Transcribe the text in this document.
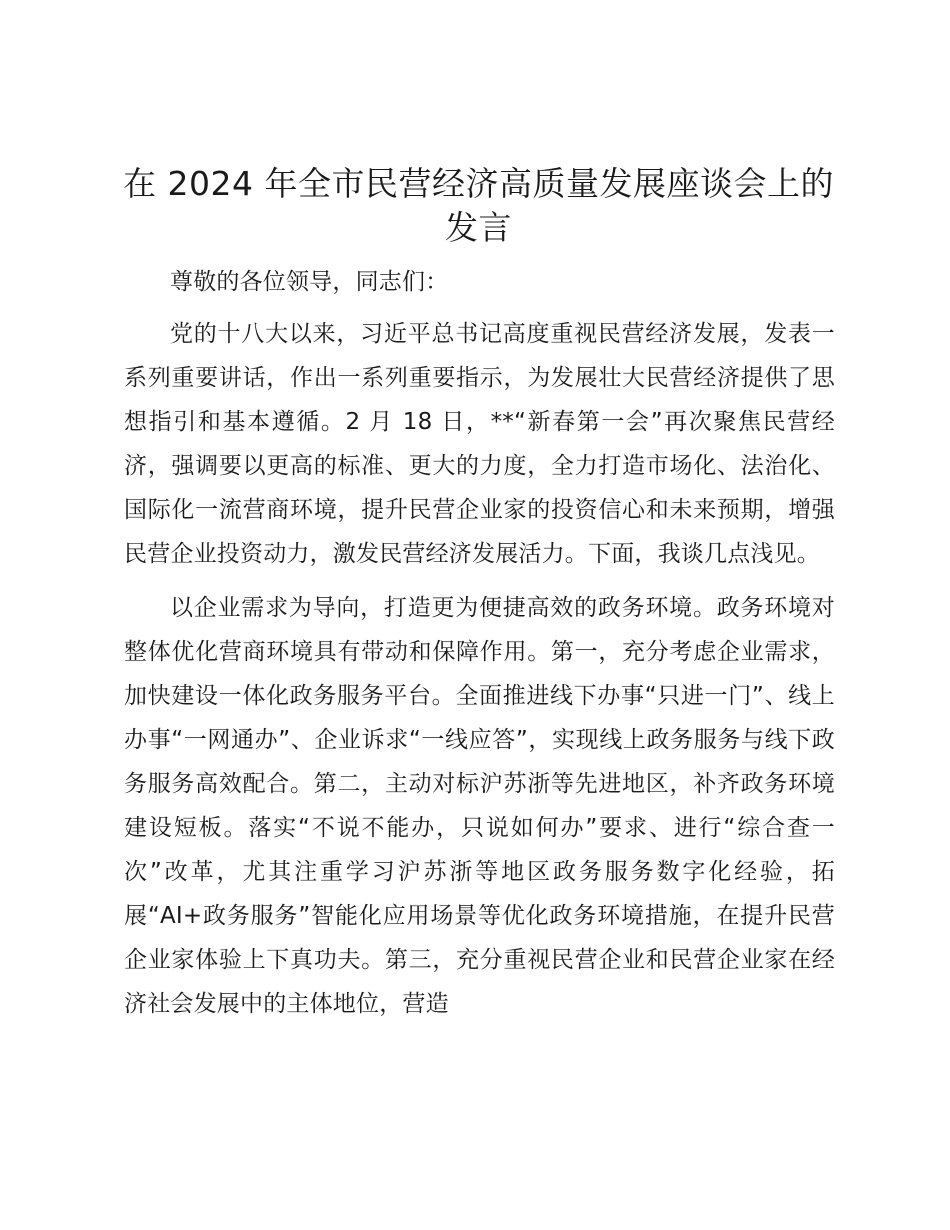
在 2024 年全市民营经济高质量发展座谈会上的发言

尊敬的各位领导，同志们：

党的十八大以来，习近平总书记高度重视民营经济发展，发表一系列重要讲话，作出一系列重要指示，为发展壮大民营经济提供了思想指引和基本遵循。2 月 18 日，**“新春第一会”再次聚焦民营经济，强调要以更高的标准、更大的力度，全力打造市场化、法治化、国际化一流营商环境，提升民营企业家的投资信心和未来预期，增强民营企业投资动力，激发民营经济发展活力。下面，我谈几点浅见。

以企业需求为导向，打造更为便捷高效的政务环境。政务环境对整体优化营商环境具有带动和保障作用。第一，充分考虑企业需求，加快建设一体化政务服务平台。全面推进线下办事“只进一门”、线上办事“一网通办”、企业诉求“一线应答”，实现线上政务服务与线下政务服务高效配合。第二，主动对标沪苏浙等先进地区，补齐政务环境建设短板。落实“不说不能办，只说如何办”要求、进行“综合查一次”改革，尤其注重学习沪苏浙等地区政务服务数字化经验，拓展“AI+政务服务”智能化应用场景等优化政务环境措施，在提升民营企业家体验上下真功夫。第三，充分重视民营企业和民营企业家在经济社会发展中的主体地位，营造
